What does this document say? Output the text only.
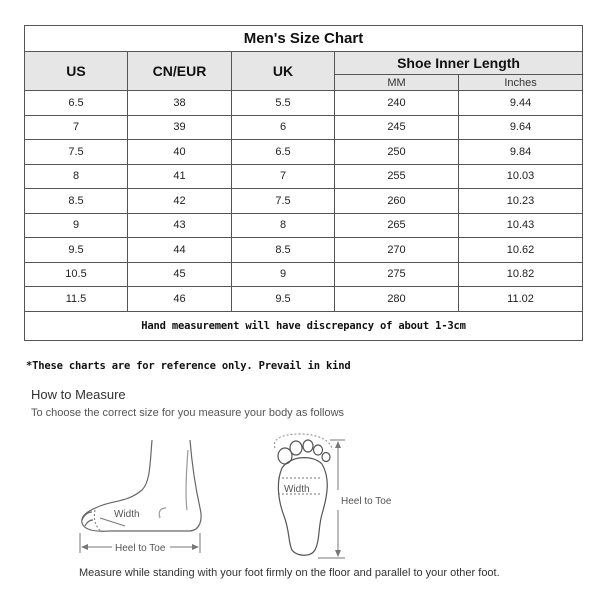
Men's Size Chart				
US	CN/EUR	UK	Shoe Inner Length	
			MM	Inches
6.5	38	5.5	240	9.44
7	39	6	245	9.64
7.5	40	6.5	250	9.84
8	41	7	255	10.03
8.5	42	7.5	260	10.23
9	43	8	265	10.43
9.5	44	8.5	270	10.62
10.5	45	9	275	10.82
11.5	46	9.5	280	11.02
Hand measurement will have discrepancy of about 1-3cm				
*These charts are for reference only. Prevail in kind
How to Measure
To choose the correct size for you measure your body as follows
Width
Heel to Toe
Width
Heel to Toe
Measure while standing with your foot firmly on the floor and parallel to your other foot.
